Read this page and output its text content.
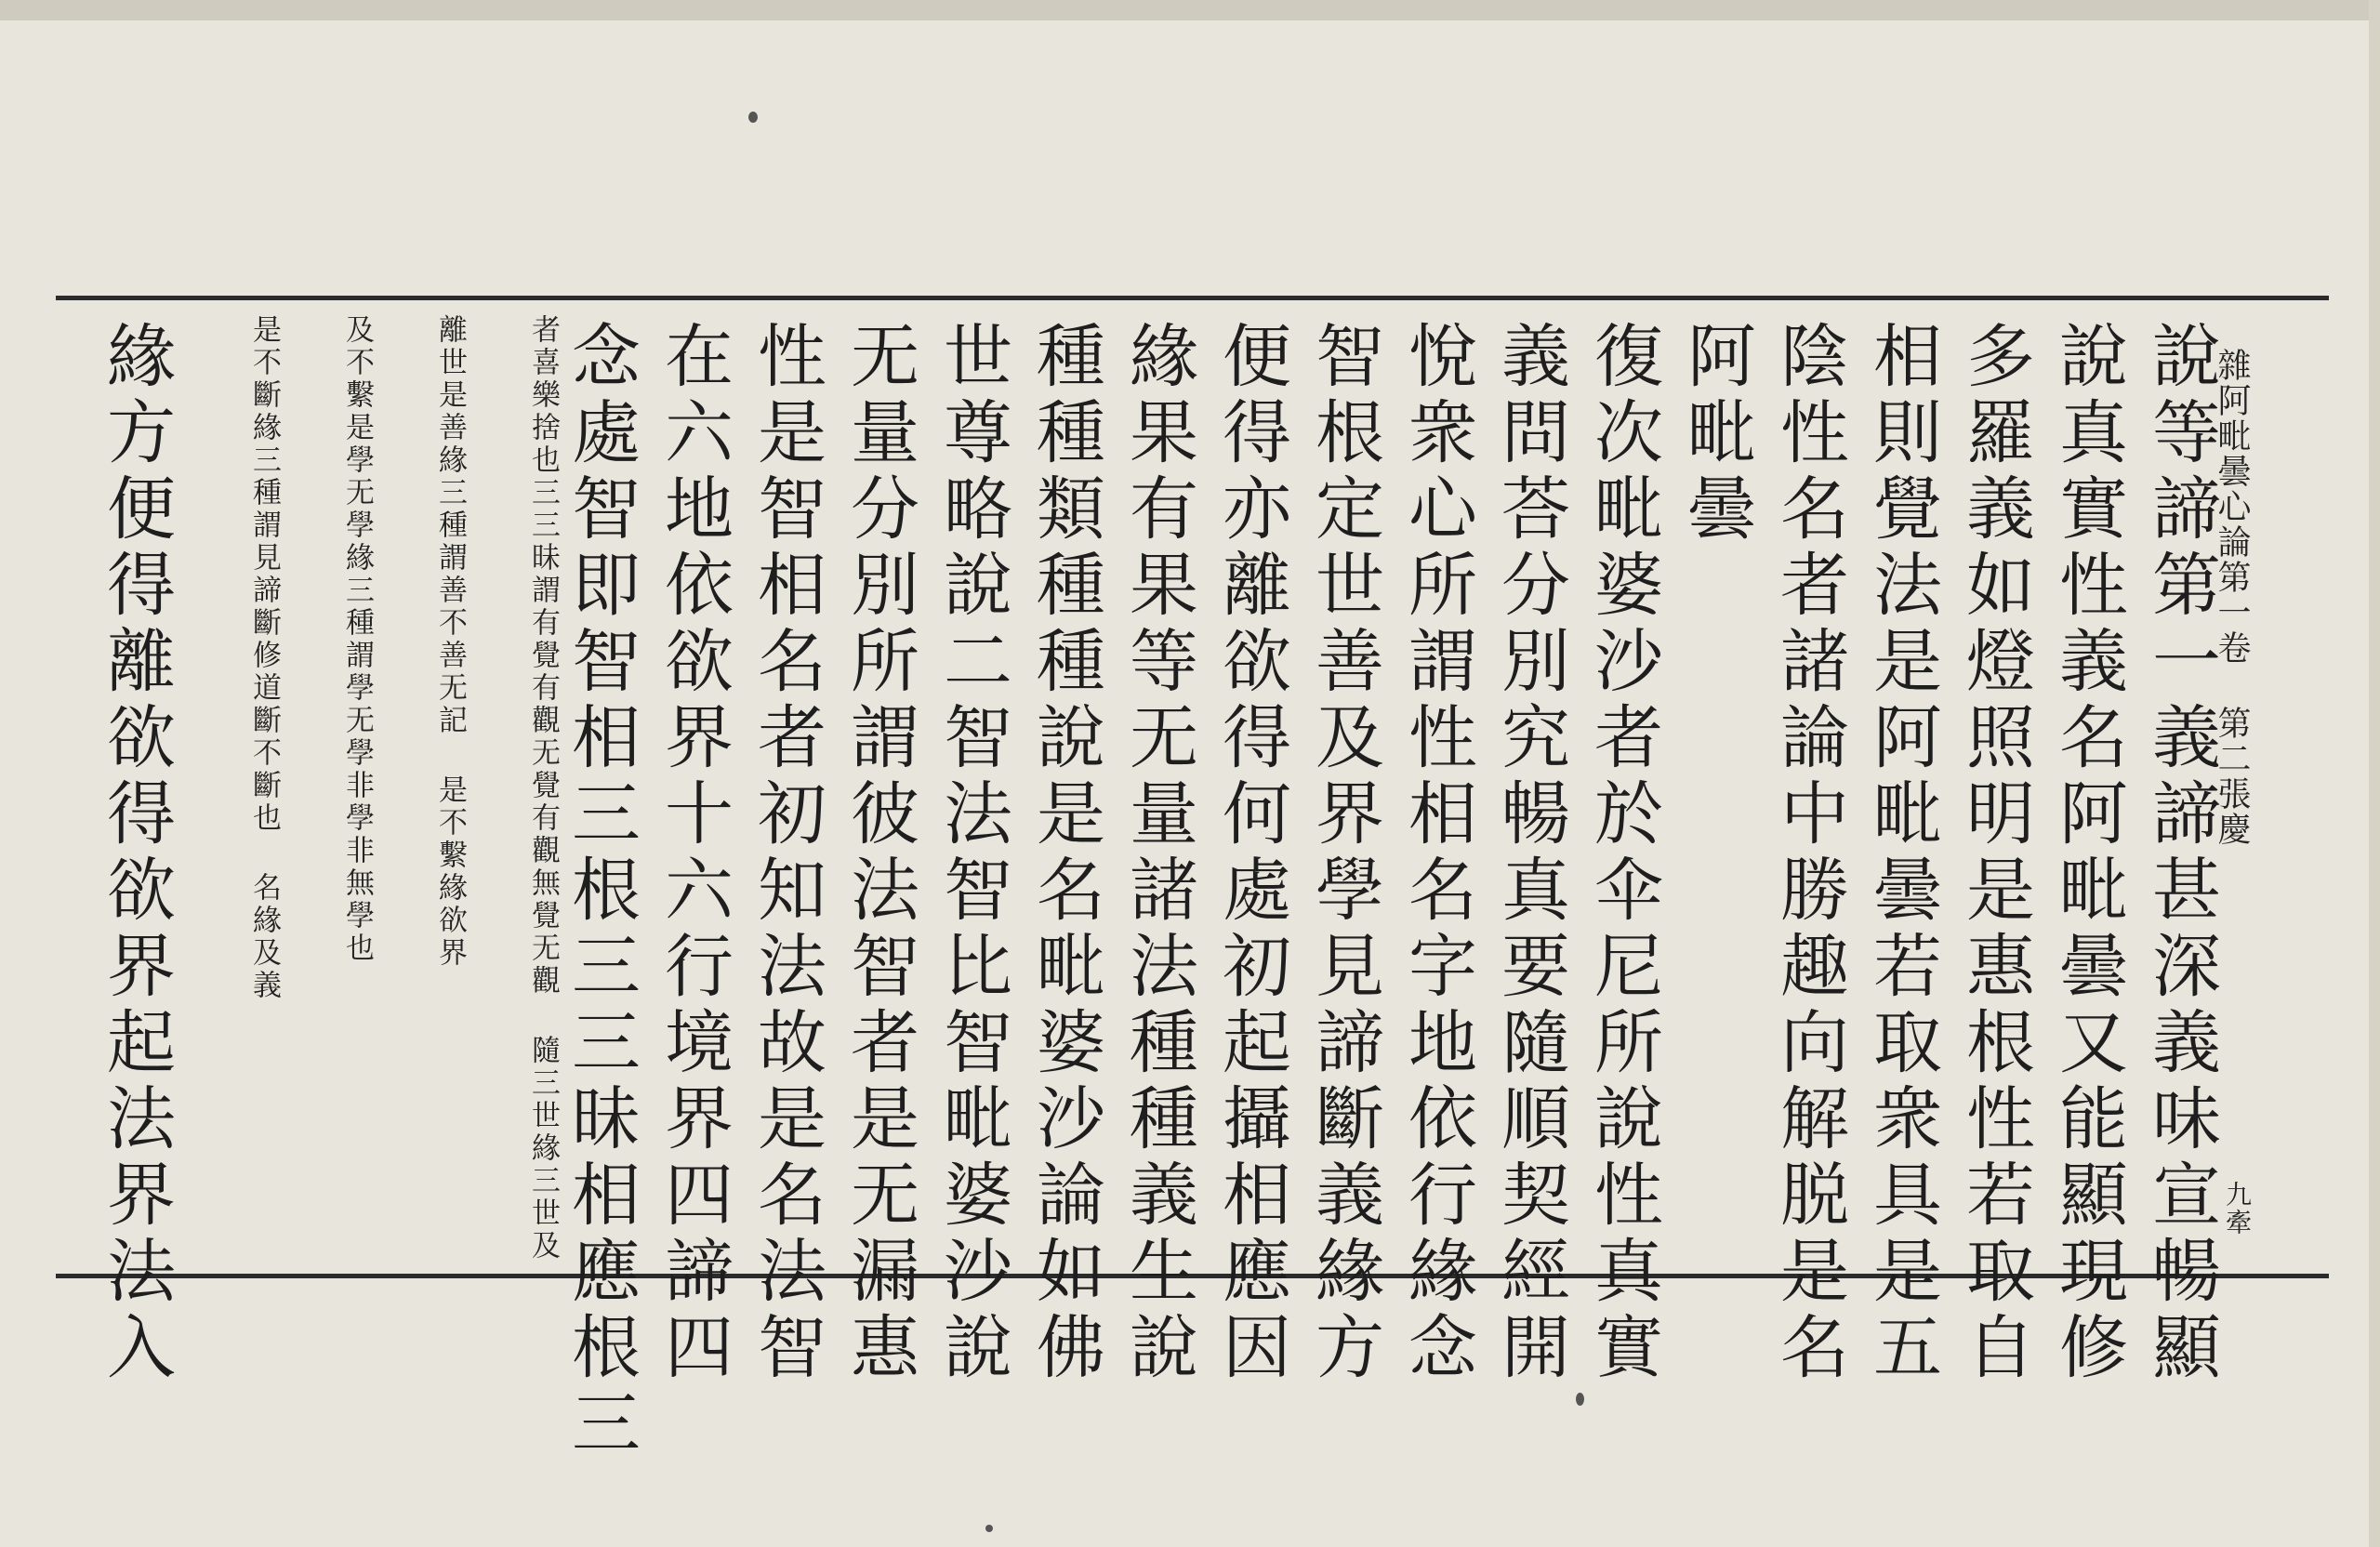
雜阿毗曇心論第一卷 第二張慶
九牽
說等諦第一義諦甚深義味宣暢顯
說真實性義名阿毗曇又能顯現修
多羅義如燈照明是惠根性若取自
相則覺法是阿毗曇若取衆具是五
陰性名者諸論中勝趣向解脱是名
阿毗曇
復次毗婆沙者於伞尼所說性真實
義問荅分別究暢真要隨順契經開
悅衆心所謂性相名字地依行緣念
智根定世善及界學見諦斷義緣方
便得亦離欲得何處初起攝相應因
緣果有果等无量諸法種種義生說
種種類種種說是名毗婆沙論如佛
世尊略說二智法智比智毗婆沙說
无量分別所謂彼法智者是无漏惠
性是智相名者初知法故是名法智
在六地依欲界十六行境界四諦四
念處智即智相三根三三昧相應根三
者喜樂捨也三三昧謂有覺有觀无覺有觀無覺无觀 隨三世緣三世及
離世是善緣三種謂善不善无記 是不繫緣欲界
及不繫是學无學緣三種謂學无學非學非無學也
是不斷緣三種謂見諦斷修道斷不斷也 名緣及義
緣方便得離欲得欲界起法界法入
